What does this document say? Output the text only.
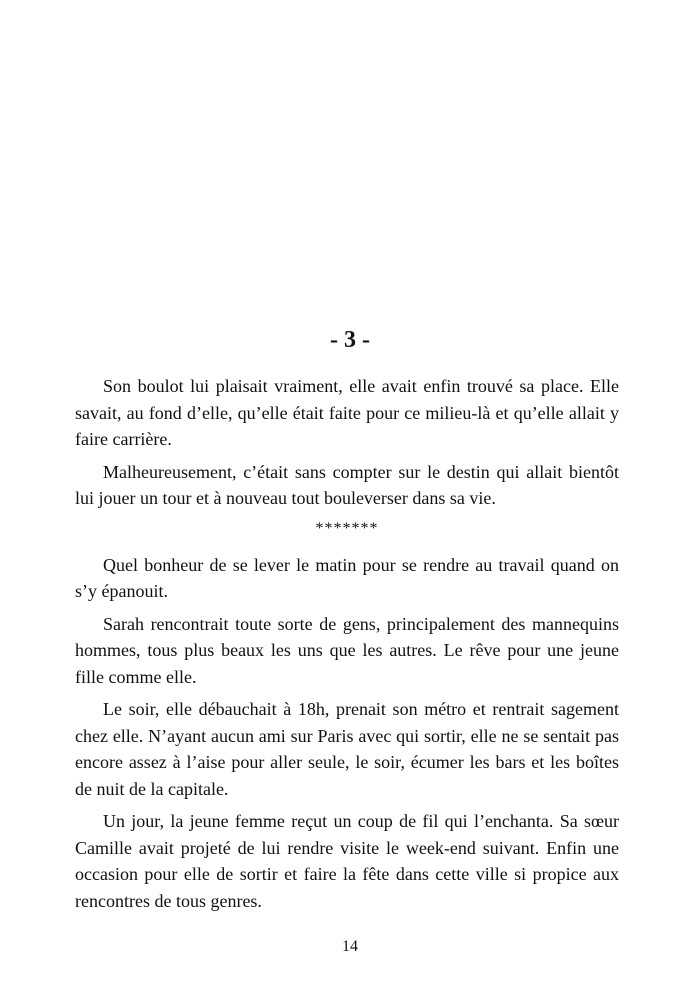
- 3 -

Son boulot lui plaisait vraiment, elle avait enfin trouvé sa place. Elle savait, au fond d’elle, qu’elle était faite pour ce milieu-là et qu’elle allait y faire carrière.

Malheureusement, c’était sans compter sur le destin qui allait bientôt lui jouer un tour et à nouveau tout bouleverser dans sa vie.

*******

Quel bonheur de se lever le matin pour se rendre au travail quand on s’y épanouit.

Sarah rencontrait toute sorte de gens, principalement des mannequins hommes, tous plus beaux les uns que les autres. Le rêve pour une jeune fille comme elle.

Le soir, elle débauchait à 18h, prenait son métro et rentrait sagement chez elle. N’ayant aucun ami sur Paris avec qui sortir, elle ne se sentait pas encore assez à l’aise pour aller seule, le soir, écumer les bars et les boîtes de nuit de la capitale.

Un jour, la jeune femme reçut un coup de fil qui l’enchanta. Sa sœur Camille avait projeté de lui rendre visite le week-end suivant. Enfin une occasion pour elle de sortir et faire la fête dans cette ville si propice aux rencontres de tous genres.

14
